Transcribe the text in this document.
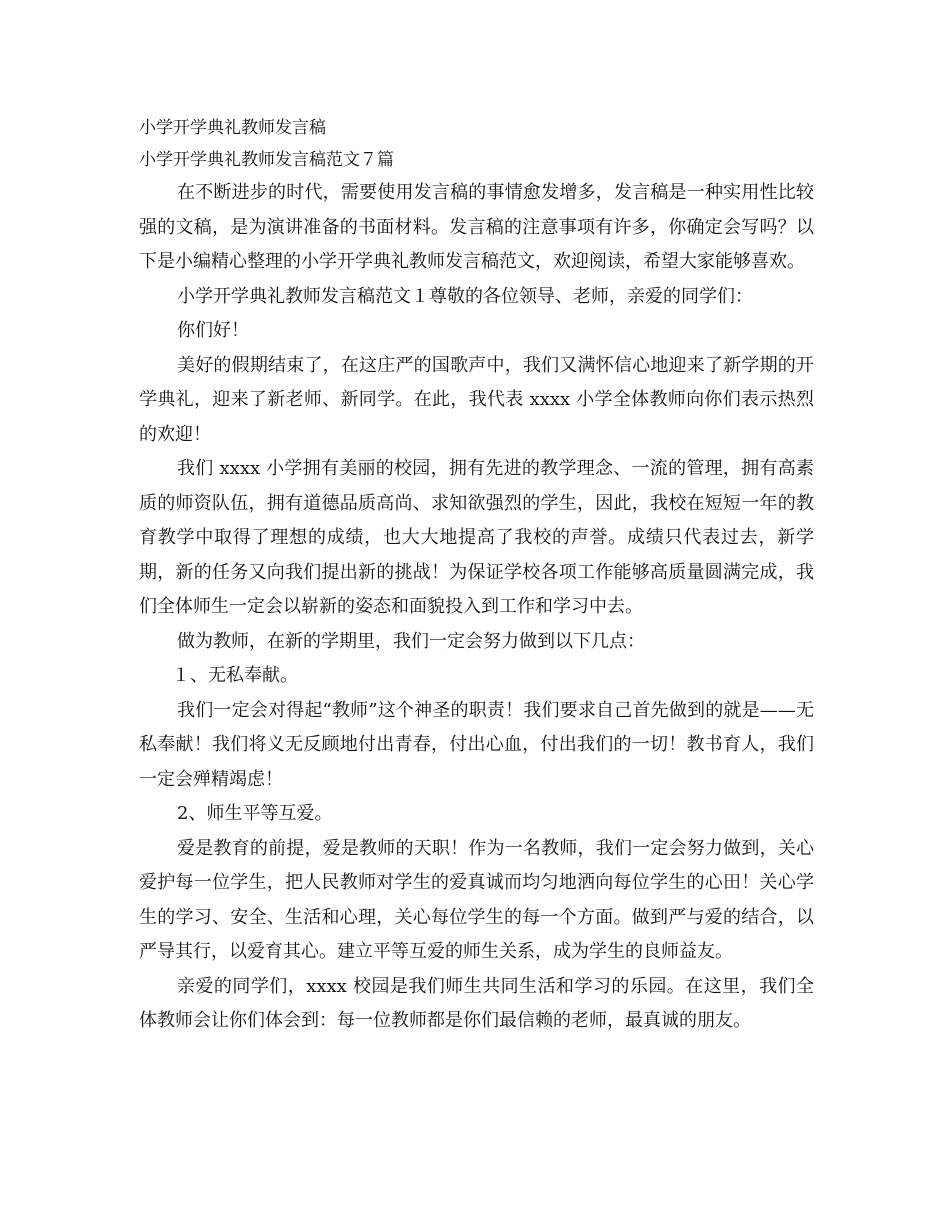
小学开学典礼教师发言稿
小学开学典礼教师发言稿范文７篇

在不断进步的时代，需要使用发言稿的事情愈发增多，发言稿是一种实用性比较强的文稿，是为演讲准备的书面材料。发言稿的注意事项有许多，你确定会写吗？以下是小编精心整理的小学开学典礼教师发言稿范文，欢迎阅读，希望大家能够喜欢。

小学开学典礼教师发言稿范文１尊敬的各位领导、老师，亲爱的同学们：

你们好！

美好的假期结束了，在这庄严的国歌声中，我们又满怀信心地迎来了新学期的开学典礼，迎来了新老师、新同学。在此，我代表 xxxx 小学全体教师向你们表示热烈的欢迎！

我们 xxxx 小学拥有美丽的校园，拥有先进的教学理念、一流的管理，拥有高素质的师资队伍，拥有道德品质高尚、求知欲强烈的学生，因此，我校在短短一年的教育教学中取得了理想的成绩，也大大地提高了我校的声誉。成绩只代表过去，新学期，新的任务又向我们提出新的挑战！为保证学校各项工作能够高质量圆满完成，我们全体师生一定会以崭新的姿态和面貌投入到工作和学习中去。

做为教师，在新的学期里，我们一定会努力做到以下几点：

１、无私奉献。

我们一定会对得起“教师”这个神圣的职责！我们要求自己首先做到的就是——无私奉献！我们将义无反顾地付出青春，付出心血，付出我们的一切！教书育人，我们一定会殚精竭虑！

2、师生平等互爱。

爱是教育的前提，爱是教师的天职！作为一名教师，我们一定会努力做到，关心爱护每一位学生，把人民教师对学生的爱真诚而均匀地洒向每位学生的心田！关心学生的学习、安全、生活和心理，关心每位学生的每一个方面。做到严与爱的结合，以严导其行，以爱育其心。建立平等互爱的师生关系，成为学生的良师益友。

亲爱的同学们，xxxx 校园是我们师生共同生活和学习的乐园。在这里，我们全体教师会让你们体会到：每一位教师都是你们最信赖的老师，最真诚的朋友。
